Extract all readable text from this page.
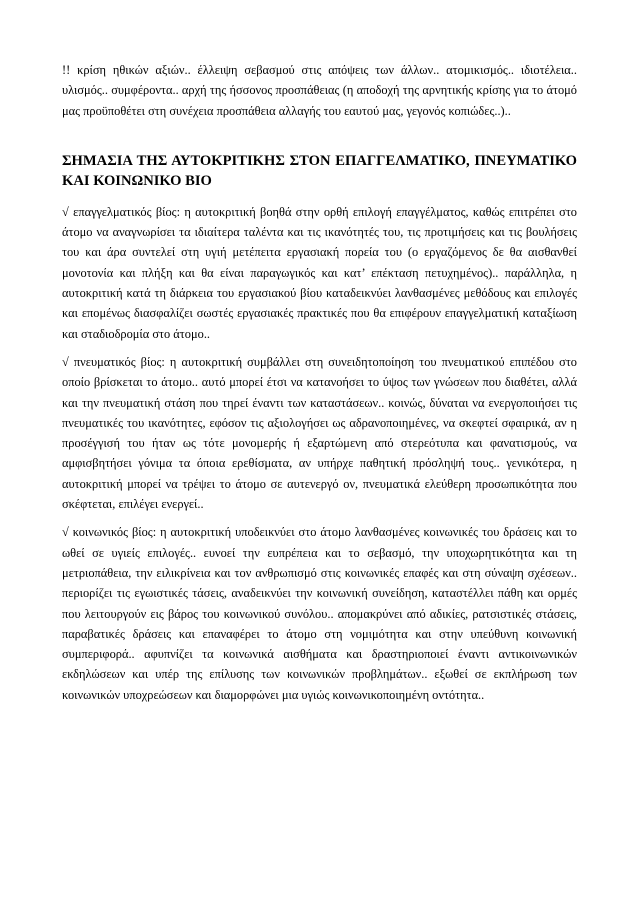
!! κρίση ηθικών αξιών.. έλλειψη σεβασμού στις απόψεις των άλλων.. ατομικισμός.. ιδιοτέλεια.. υλισμός.. συμφέροντα.. αρχή της ήσσονος προσπάθειας (η αποδοχή της αρνητικής κρίσης για το άτομό μας προϋποθέτει στη συνέχεια προσπάθεια αλλαγής του εαυτού μας, γεγονός κοπιώδες..)..

ΣΗΜΑΣΙΑ ΤΗΣ ΑΥΤΟΚΡΙΤΙΚΗΣ ΣΤΟΝ ΕΠΑΓΓΕΛΜΑΤΙΚΟ, ΠΝΕΥΜΑΤΙΚΟ ΚΑΙ ΚΟΙΝΩΝΙΚΟ ΒΙΟ

√ επαγγελματικός βίος: η αυτοκριτική βοηθά στην ορθή επιλογή επαγγέλματος, καθώς επιτρέπει στο άτομο να αναγνωρίσει τα ιδιαίτερα ταλέντα και τις ικανότητές του, τις προτιμήσεις και τις βουλήσεις του και άρα συντελεί στη υγιή μετέπειτα εργασιακή πορεία του (ο εργαζόμενος δε θα αισθανθεί μονοτονία και πλήξη και θα είναι παραγωγικός και κατ’ επέκταση πετυχημένος).. παράλληλα, η αυτοκριτική κατά τη διάρκεια του εργασιακού βίου καταδεικνύει λανθασμένες μεθόδους και επιλογές και επομένως διασφαλίζει σωστές εργασιακές πρακτικές που θα επιφέρουν επαγγελματική καταξίωση και σταδιοδρομία στο άτομο..

√ πνευματικός βίος: η αυτοκριτική συμβάλλει στη συνειδητοποίηση του πνευματικού επιπέδου στο οποίο βρίσκεται το άτομο.. αυτό μπορεί έτσι να κατανοήσει το ύψος των γνώσεων που διαθέτει, αλλά και την πνευματική στάση που τηρεί έναντι των καταστάσεων.. κοινώς, δύναται να ενεργοποιήσει τις πνευματικές του ικανότητες, εφόσον τις αξιολογήσει ως αδρανοποιημένες, να σκεφτεί σφαιρικά, αν η προσέγγισή του ήταν ως τότε μονομερής ή εξαρτώμενη από στερεότυπα και φανατισμούς, να αμφισβητήσει γόνιμα τα όποια ερεθίσματα, αν υπήρχε παθητική πρόσληψή τους.. γενικότερα, η αυτοκριτική μπορεί να τρέψει το άτομο σε αυτενεργό ον, πνευματικά ελεύθερη προσωπικότητα που σκέφτεται, επιλέγει ενεργεί..

√ κοινωνικός βίος: η αυτοκριτική υποδεικνύει στο άτομο λανθασμένες κοινωνικές του δράσεις και το ωθεί σε υγιείς επιλογές.. ευνοεί την ευπρέπεια και το σεβασμό, την υποχωρητικότητα και τη μετριοπάθεια, την ειλικρίνεια και τον ανθρωπισμό στις κοινωνικές επαφές και στη σύναψη σχέσεων.. περιορίζει τις εγωιστικές τάσεις, αναδεικνύει την κοινωνική συνείδηση, καταστέλλει πάθη και ορμές που λειτουργούν εις βάρος του κοινωνικού συνόλου.. απομακρύνει από αδικίες, ρατσιστικές στάσεις, παραβατικές δράσεις και επαναφέρει το άτομο στη νομιμότητα και στην υπεύθυνη κοινωνική συμπεριφορά.. αφυπνίζει τα κοινωνικά αισθήματα και δραστηριοποιεί έναντι αντικοινωνικών εκδηλώσεων και υπέρ της επίλυσης των κοινωνικών προβλημάτων.. εξωθεί σε εκπλήρωση των κοινωνικών υποχρεώσεων και διαμορφώνει μια υγιώς κοινωνικοποιημένη οντότητα..
